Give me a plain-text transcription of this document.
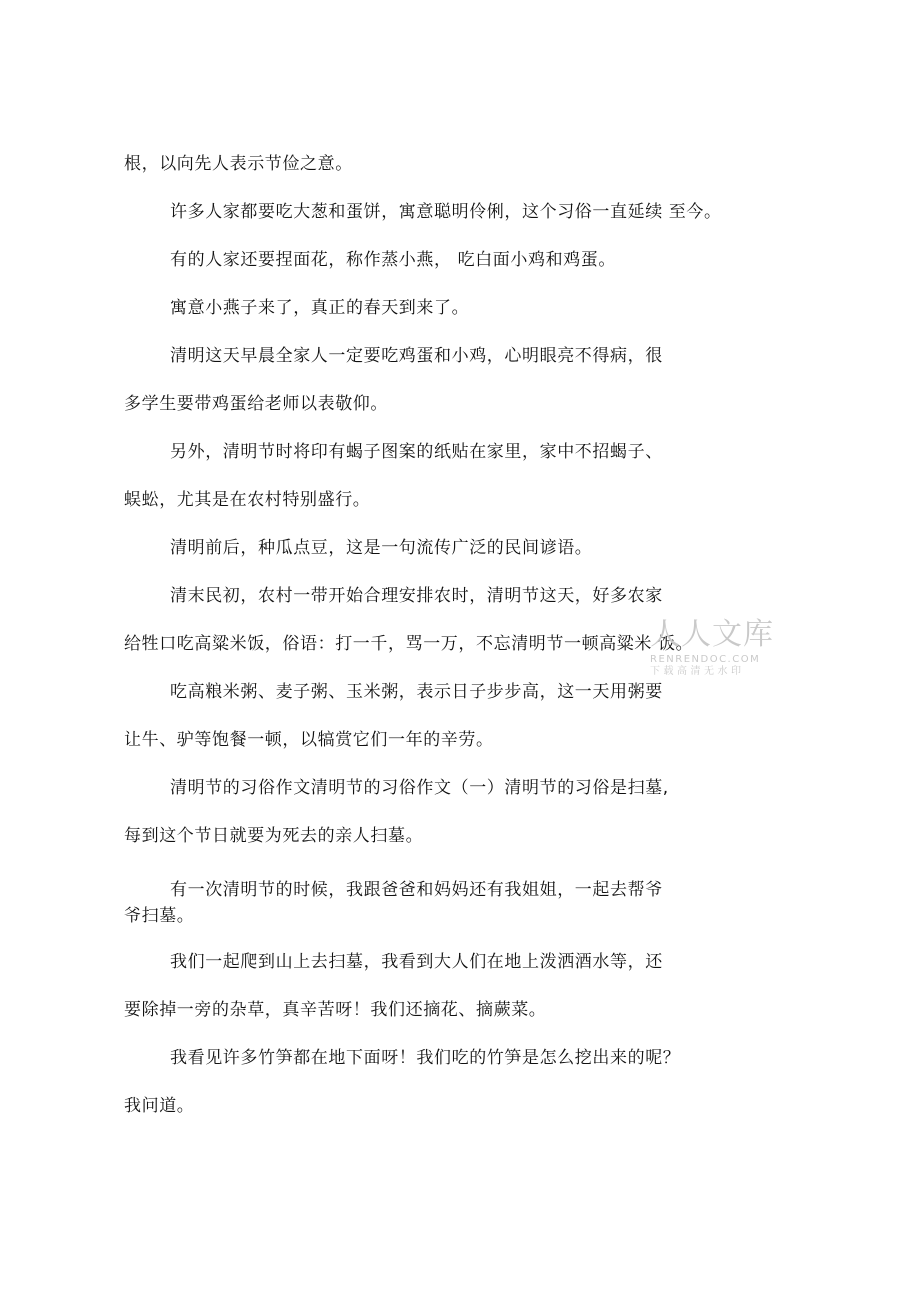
根，以向先人表示节俭之意。
许多人家都要吃大葱和蛋饼，寓意聪明伶俐，这个习俗一直延续 至今。
有的人家还要捏面花，称作蒸小燕， 吃白面小鸡和鸡蛋。
寓意小燕子来了，真正的春天到来了。
清明这天早晨全家人一定要吃鸡蛋和小鸡，心明眼亮不得病，很
多学生要带鸡蛋给老师以表敬仰。
另外，清明节时将印有蝎子图案的纸贴在家里，家中不招蝎子、
蜈蚣，尤其是在农村特别盛行。
清明前后，种瓜点豆，这是一句流传广泛的民间谚语。
清末民初，农村一带开始合理安排农时，清明节这天，好多农家
给牲口吃高粱米饭，俗语：打一千，骂一万，不忘清明节一顿高粱米 饭。
吃高粮米粥、麦子粥、玉米粥，表示日子步步高，这一天用粥要
让牛、驴等饱餐一顿，以犒赏它们一年的辛劳。
清明节的习俗作文清明节的习俗作文（一）清明节的习俗是扫墓,
每到这个节日就要为死去的亲人扫墓。
有一次清明节的时候，我跟爸爸和妈妈还有我姐姐，一起去帮爷
爷扫墓。
我们一起爬到山上去扫墓，我看到大人们在地上泼洒酒水等，还
要除掉一旁的杂草，真辛苦呀！我们还摘花、摘蕨菜。
我看见许多竹笋都在地下面呀！我们吃的竹笋是怎么挖出来的呢？
我问道。
人人文库
RENRENDOC.COM
下载高清无水印
